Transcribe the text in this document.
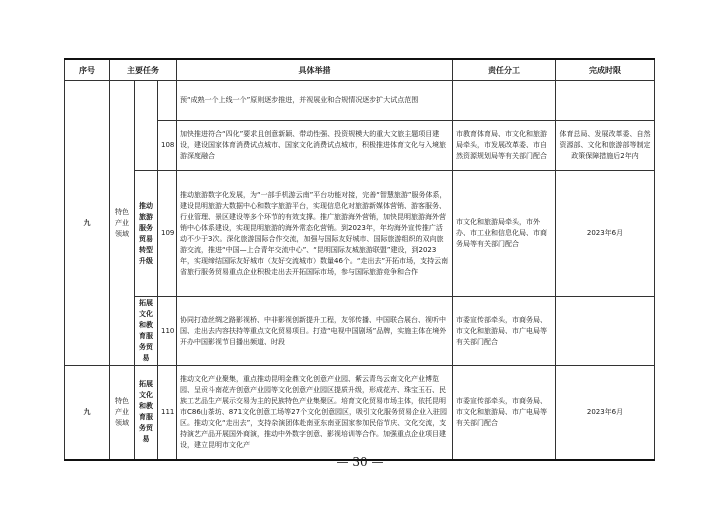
序号	主要任务			具体举措	责任分工	完成时限
九	特色产业领域			预“成熟一个上线一个”原则逐步推进，并视展业和合规情况逐步扩大试点范围		
			108	加快推进符合“四化”要求且创意新颖、带动性强、投资规模大的重大文旅主题项目建设，建设国家体育消费试点城市、国家文化消费试点城市，积极推进体育文化与入境旅游深度融合	市教育体育局、市文化和旅游局牵头，市发展改革委、市自然资源规划局等有关部门配合	体育总局、发展改革委、自然资源部、文化和旅游部等制定政策保障措施后2年内
		推动旅游服务贸易转型升级	109	推动旅游数字化发展，为“一部手机游云南”平台功能对接，完善“智慧旅游”服务体系，建设昆明旅游大数据中心和数字旅游平台，实现信息化对旅游新媒体营销、游客服务、行业管理、景区建设等多个环节的有效支撑。推广旅游海外营销，加快昆明旅游海外营销中心体系建设，实现昆明旅游的海外常态化营销。到2023年，年均海外宣传推广活动不少于3次。深化旅游国际合作交流，加强与国际友好城市、国际旅游组织的双向旅游交流，推进“中国—上合青年交流中心”、“昆明国际友城旅游联盟”建设，到2023年，实现缔结国际友好城市（友好交流城市）数量46个。“走出去”开拓市场，支持云南省旅行服务贸易重点企业积极走出去开拓国际市场，参与国际旅游竞争和合作	市文化和旅游局牵头，市外办、市工业和信息化局、市商务局等有关部门配合	2023年6月
		拓展文化和教育服务贸易	110	协同打造丝绸之路影视桥、中非影视创新提升工程，友邻传播、中国联合展台、视听中国、走出去内容扶持等重点文化贸易项目。打造“电视中国剧场”品牌，实施主体在境外开办中国影视节目播出频道、时段	市委宣传部牵头，市商务局、市文化和旅游局、市广电局等有关部门配合	
九	特色产业领域	拓展文化和教育服务贸易	111	推动文化产业聚集，重点推动昆明金鼎文化创意产业园、紫云青鸟云南文化产业博览园、呈贡斗南花卉创意产业园等文化创意产业园区提质升级，形成花卉、珠宝玉石、民族工艺品生产展示交易为主的民族特色产业集聚区。培育文化贸易市场主体，依托昆明市C86山茶坊、871文化创意工场等27个文化创意园区，吸引文化服务贸易企业入驻园区。推动文化“走出去”，支持杂演团体赴南亚东南亚国家参加民俗节庆、文化交流，支持演艺产品开展国外商演，推动中外数字创意、影视培训等合作。加强重点企业项目建设，建立昆明市文化产	市委宣传部牵头，市商务局、市文化和旅游局、市广电局等有关部门配合	2023年6月
— 30 —
